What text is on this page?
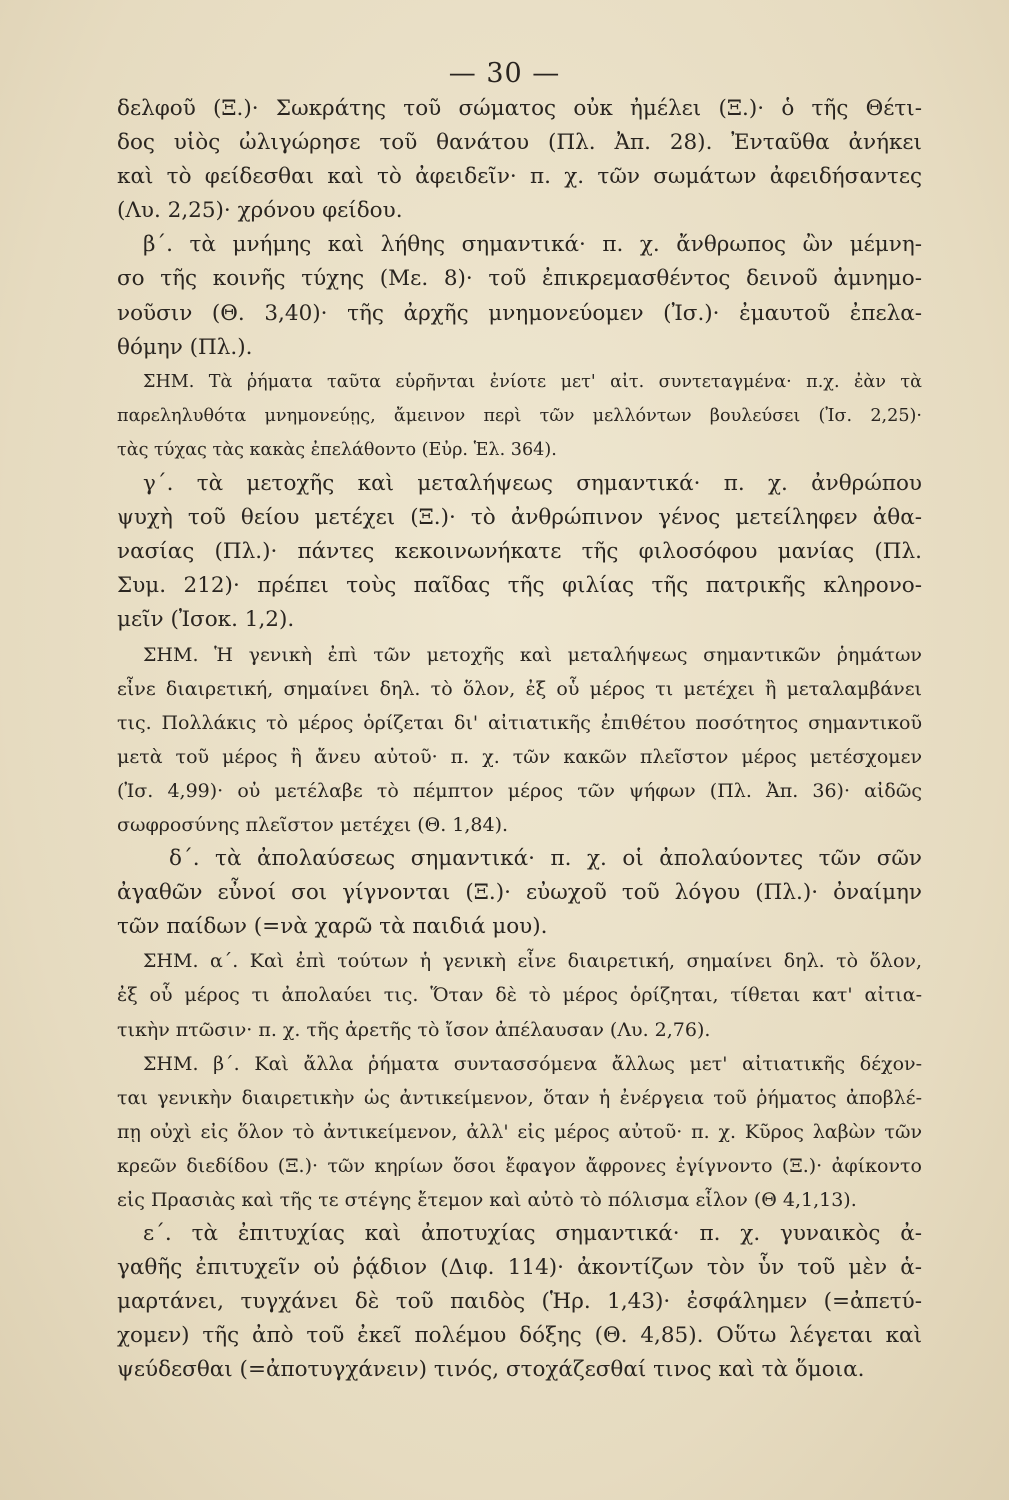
— 30 —
δελφοῦ (Ξ.)· Σωκράτης τοῦ σώματος οὐκ ἠμέλει (Ξ.)· ὁ τῆς Θέτι-
δος υἱὸς ὠλιγώρησε τοῦ θανάτου (Πλ. Ἀπ. 28). Ἐνταῦθα ἀνήκει
καὶ τὸ φείδεσθαι καὶ τὸ ἀφειδεῖν· π. χ. τῶν σωμάτων ἀφειδήσαντες
(Λυ. 2,25)· χρόνου φείδου.
β΄. τὰ μνήμης καὶ λήθης σημαντικά· π. χ. ἄνθρωπος ὢν μέμνη-
σο τῆς κοινῆς τύχης (Με. 8)· τοῦ ἐπικρεμασθέντος δεινοῦ ἀμνημο-
νοῦσιν (Θ. 3,40)· τῆς ἀρχῆς μνημονεύομεν (Ἰσ.)· ἐμαυτοῦ ἐπελα-
θόμην (Πλ.).
ΣΗΜ. Τὰ ῥήματα ταῦτα εὑρῆνται ἐνίοτε μετ' αἰτ. συντεταγμένα· π.χ. ἐὰν τὰ
παρεληλυθότα μνημονεύῃς, ἄμεινον περὶ τῶν μελλόντων βουλεύσει (Ἰσ. 2,25)·
τὰς τύχας τὰς κακὰς ἐπελάθοντο (Εὐρ. Ἑλ. 364).
γ΄. τὰ μετοχῆς καὶ μεταλήψεως σημαντικά· π. χ. ἀνθρώπου
ψυχὴ τοῦ θείου μετέχει (Ξ.)· τὸ ἀνθρώπινον γένος μετείληφεν ἀθα-
νασίας (Πλ.)· πάντες κεκοινωνήκατε τῆς φιλοσόφου μανίας (Πλ.
Συμ. 212)· πρέπει τοὺς παῖδας τῆς φιλίας τῆς πατρικῆς κληρονο-
μεῖν (Ἰσοκ. 1,2).
ΣΗΜ. Ἡ γενικὴ ἐπὶ τῶν μετοχῆς καὶ μεταλήψεως σημαντικῶν ῥημάτων
εἶνε διαιρετική, σημαίνει δηλ. τὸ ὅλον, ἐξ οὗ μέρος τι μετέχει ἢ μεταλαμβάνει
τις. Πολλάκις τὸ μέρος ὁρίζεται δι' αἰτιατικῆς ἐπιθέτου ποσότητος σημαντικοῦ
μετὰ τοῦ μέρος ἢ ἄνευ αὐτοῦ· π. χ. τῶν κακῶν πλεῖστον μέρος μετέσχομεν
(Ἰσ. 4,99)· οὐ μετέλαβε τὸ πέμπτον μέρος τῶν ψήφων (Πλ. Ἀπ. 36)· αἰδῶς
σωφροσύνης πλεῖστον μετέχει (Θ. 1,84).
δ΄. τὰ ἀπολαύσεως σημαντικά· π. χ. οἱ ἀπολαύοντες τῶν σῶν
ἀγαθῶν εὖνοί σοι γίγνονται (Ξ.)· εὐωχοῦ τοῦ λόγου (Πλ.)· ὀναίμην
τῶν παίδων (=νὰ χαρῶ τὰ παιδιά μου).
ΣΗΜ. α΄. Καὶ ἐπὶ τούτων ἡ γενικὴ εἶνε διαιρετική, σημαίνει δηλ. τὸ ὅλον,
ἐξ οὗ μέρος τι ἀπολαύει τις. Ὅταν δὲ τὸ μέρος ὁρίζηται, τίθεται κατ' αἰτια-
τικὴν πτῶσιν· π. χ. τῆς ἀρετῆς τὸ ἴσον ἀπέλαυσαν (Λυ. 2,76).
ΣΗΜ. β΄. Καὶ ἄλλα ῥήματα συντασσόμενα ἄλλως μετ' αἰτιατικῆς δέχον-
ται γενικὴν διαιρετικὴν ὡς ἀντικείμενον, ὅταν ἡ ἐνέργεια τοῦ ῥήματος ἀποβλέ-
πῃ οὐχὶ εἰς ὅλον τὸ ἀντικείμενον, ἀλλ' εἰς μέρος αὐτοῦ· π. χ. Κῦρος λαβὼν τῶν
κρεῶν διεδίδου (Ξ.)· τῶν κηρίων ὅσοι ἔφαγον ἄφρονες ἐγίγνοντο (Ξ.)· ἀφίκοντο
εἰς Πρασιὰς καὶ τῆς τε στέγης ἔτεμον καὶ αὐτὸ τὸ πόλισμα εἷλον (Θ 4,1,13).
ε΄. τὰ ἐπιτυχίας καὶ ἀποτυχίας σημαντικά· π. χ. γυναικὸς ἀ-
γαθῆς ἐπιτυχεῖν οὐ ῥᾴδιον (Διφ. 114)· ἀκοντίζων τὸν ὗν τοῦ μὲν ἁ-
μαρτάνει, τυγχάνει δὲ τοῦ παιδὸς (Ἡρ. 1,43)· ἐσφάλημεν (=ἀπετύ-
χομεν) τῆς ἀπὸ τοῦ ἐκεῖ πολέμου δόξης (Θ. 4,85). Οὕτω λέγεται καὶ
ψεύδεσθαι (=ἀποτυγχάνειν) τινός, στοχάζεσθαί τινος καὶ τὰ ὅμοια.
